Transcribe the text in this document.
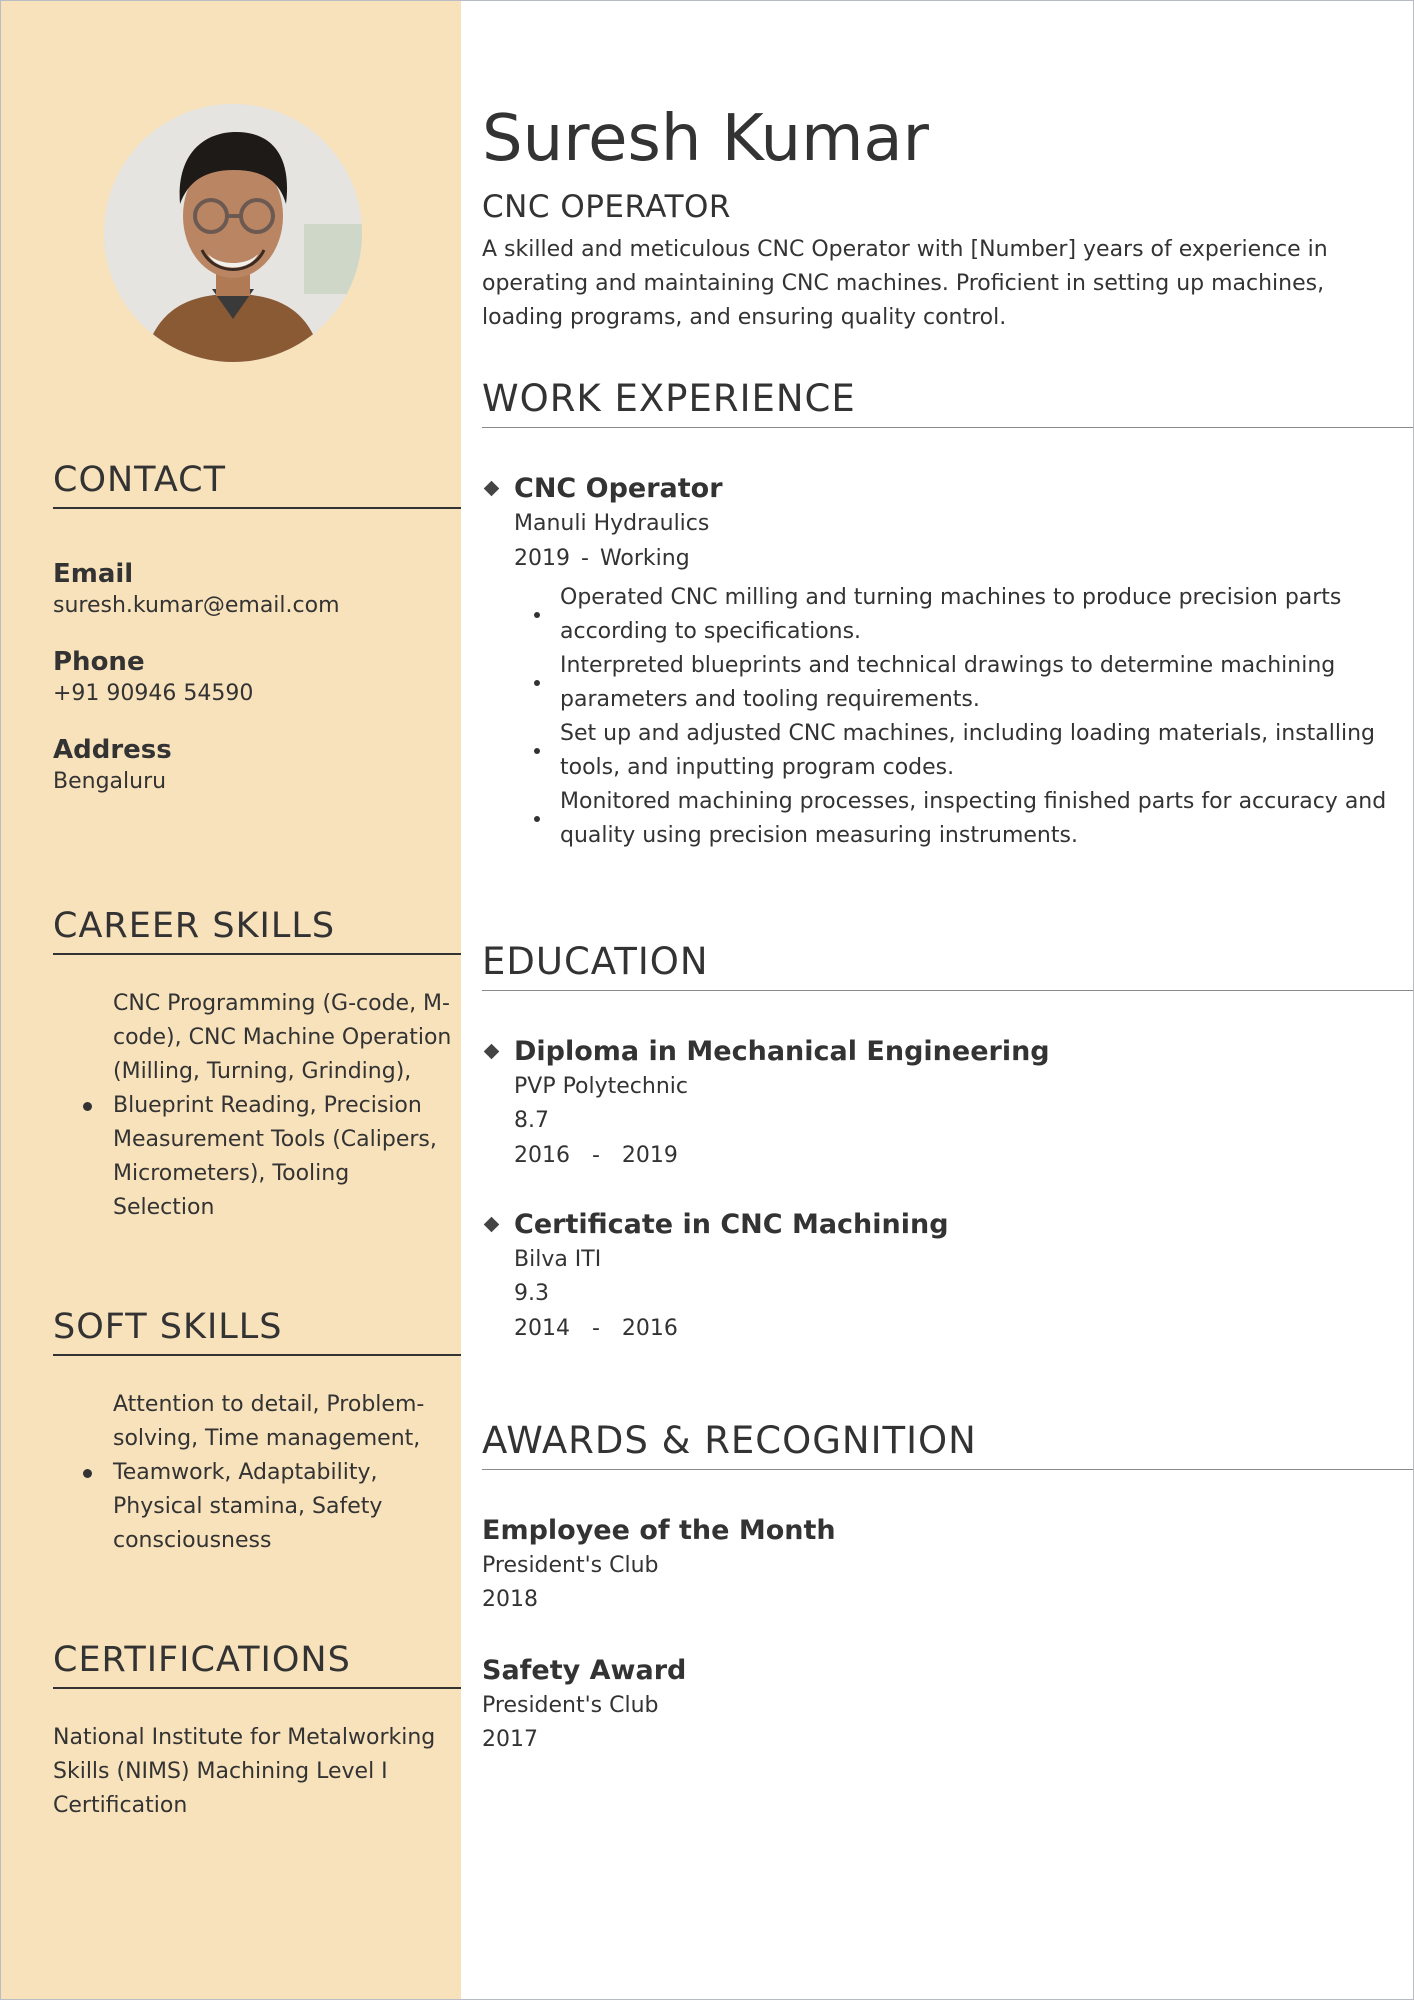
CONTACT
Email
suresh.kumar@email.com
Phone
+91 90946 54590
Address
Bengaluru
CAREER SKILLS
CNC Programming (G-code, M-code), CNC Machine Operation (Milling, Turning, Grinding), Blueprint Reading, Precision Measurement Tools (Calipers, Micrometers), Tooling Selection
SOFT SKILLS
Attention to detail, Problem-solving, Time management, Teamwork, Adaptability, Physical stamina, Safety consciousness
CERTIFICATIONS
National Institute for Metalworking Skills (NIMS) Machining Level I Certification
Suresh Kumar
CNC OPERATOR
A skilled and meticulous CNC Operator with [Number] years of experience in operating and maintaining CNC machines. Proficient in setting up machines, loading programs, and ensuring quality control.
WORK EXPERIENCE
CNC Operator
Manuli Hydraulics
2019 - Working
Operated CNC milling and turning machines to produce precision parts according to specifications.
Interpreted blueprints and technical drawings to determine machining parameters and tooling requirements.
Set up and adjusted CNC machines, including loading materials, installing tools, and inputting program codes.
Monitored machining processes, inspecting finished parts for accuracy and quality using precision measuring instruments.
EDUCATION
Diploma in Mechanical Engineering
PVP Polytechnic
8.7
2016  -  2019
Certificate in CNC Machining
Bilva ITI
9.3
2014  -  2016
AWARDS & RECOGNITION
Employee of the Month
President's Club
2018
Safety Award
President's Club
2017
